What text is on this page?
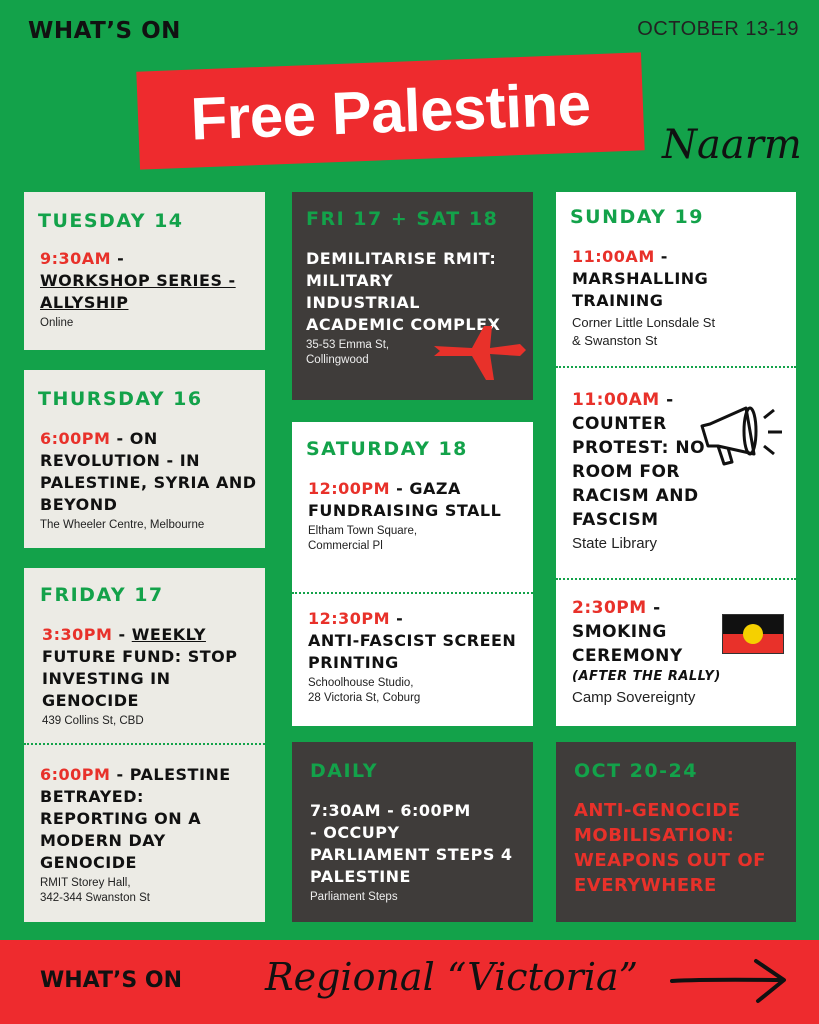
WHAT’S ON	OCTOBER 13-19
Free Palestine Naarm
TUESDAY 14
9:30AM -
WORKSHOP SERIES - ALLYSHIP
Online
THURSDAY 16
6:00PM - ON REVOLUTION - IN PALESTINE, SYRIA AND BEYOND
The Wheeler Centre, Melbourne
FRIDAY 17
3:30PM - WEEKLY FUTURE FUND: STOP INVESTING IN GENOCIDE
439 Collins St, CBD
6:00PM - PALESTINE BETRAYED: REPORTING ON A MODERN DAY GENOCIDE
RMIT Storey Hall,
342-344 Swanston St
FRI 17 + SAT 18
DEMILITARISE RMIT: MILITARY INDUSTRIAL ACADEMIC COMPLEX
35-53 Emma St,
Collingwood
SATURDAY 18
12:00PM - GAZA FUNDRAISING STALL
Eltham Town Square,
Commercial Pl
12:30PM -
ANTI-FASCIST SCREEN PRINTING
Schoolhouse Studio,
28 Victoria St, Coburg
DAILY
7:30AM - 6:00PM
- OCCUPY PARLIAMENT STEPS 4 PALESTINE
Parliament Steps
SUNDAY 19
11:00AM -
MARSHALLING TRAINING
Corner Little Lonsdale St
& Swanston St
11:00AM -
COUNTER PROTEST: NO ROOM FOR RACISM AND FASCISM
State Library
2:30PM -
SMOKING CEREMONY
(AFTER THE RALLY)
Camp Sovereignty
OCT 20-24
ANTI-GENOCIDE MOBILISATION: WEAPONS OUT OF EVERYWHERE
WHAT’S ON Regional “Victoria”
